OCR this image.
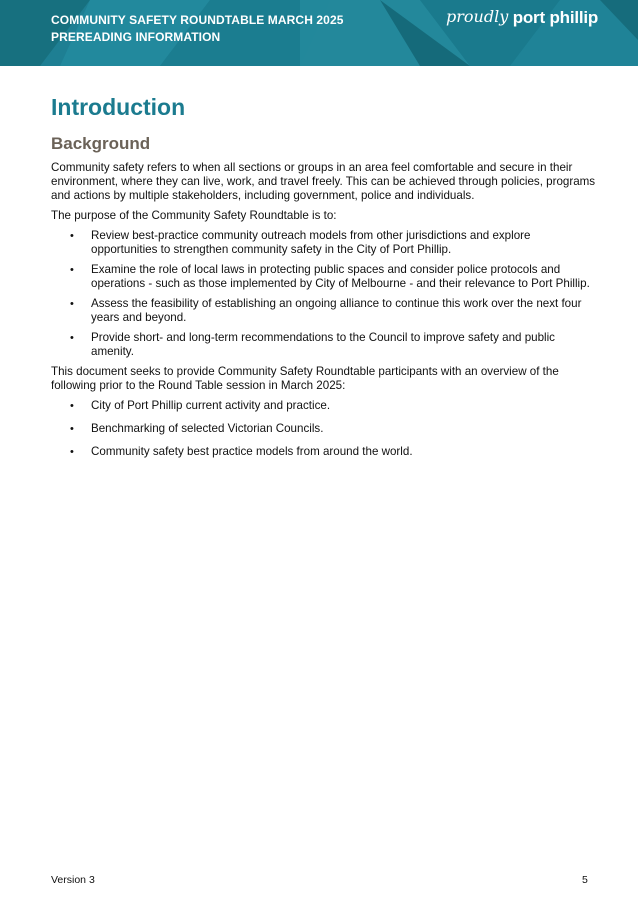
COMMUNITY SAFETY ROUNDTABLE MARCH 2025
PREREADING INFORMATION
proudly port phillip
Introduction
Background

Community safety refers to when all sections or groups in an area feel comfortable and secure in their environment, where they can live, work, and travel freely. This can be achieved through policies, programs and actions by multiple stakeholders, including government, police and individuals.

The purpose of the Community Safety Roundtable is to:

• Review best-practice community outreach models from other jurisdictions and explore opportunities to strengthen community safety in the City of Port Phillip.
• Examine the role of local laws in protecting public spaces and consider police protocols and operations - such as those implemented by City of Melbourne - and their relevance to Port Phillip.
• Assess the feasibility of establishing an ongoing alliance to continue this work over the next four years and beyond.
• Provide short- and long-term recommendations to the Council to improve safety and public amenity.

This document seeks to provide Community Safety Roundtable participants with an overview of the following prior to the Round Table session in March 2025:

• City of Port Phillip current activity and practice.
• Benchmarking of selected Victorian Councils.
• Community safety best practice models from around the world.
Version 3	5
